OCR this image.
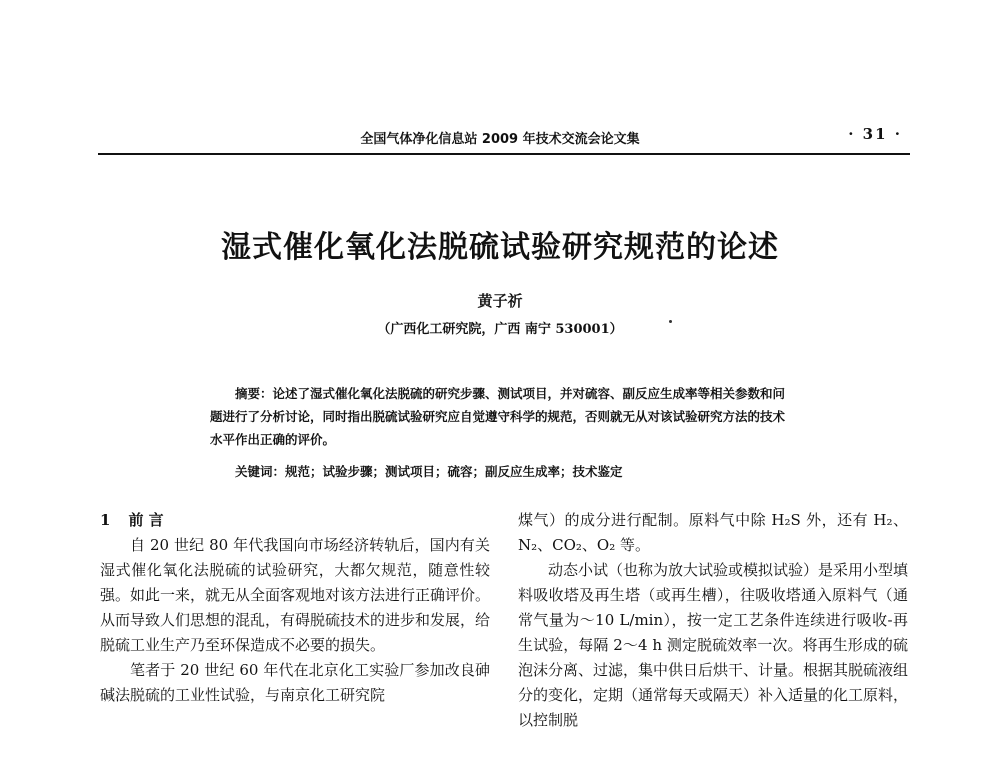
全国气体净化信息站 2009 年技术交流会论文集	· 31 ·
湿式催化氧化法脱硫试验研究规范的论述
黄子祈
（广西化工研究院，广西 南宁 530001）
摘要：论述了湿式催化氧化法脱硫的研究步骤、测试项目，并对硫容、副反应生成率等相关参数和问题进行了分析讨论，同时指出脱硫试验研究应自觉遵守科学的规范，否则就无从对该试验研究方法的技术水平作出正确的评价。
关键词：规范；试验步骤；测试项目；硫容；副反应生成率；技术鉴定
1 前 言
自 20 世纪 80 年代我国向市场经济转轨后，国内有关湿式催化氧化法脱硫的试验研究，大都欠规范，随意性较强。如此一来，就无从全面客观地对该方法进行正确评价。从而导致人们思想的混乱，有碍脱硫技术的进步和发展，给脱硫工业生产乃至环保造成不必要的损失。
笔者于 20 世纪 60 年代在北京化工实验厂参加改良砷碱法脱硫的工业性试验，与南京化工研究院
煤气）的成分进行配制。原料气中除 H₂S 外，还有 H₂、N₂、CO₂、O₂ 等。
动态小试（也称为放大试验或模拟试验）是采用小型填料吸收塔及再生塔（或再生槽），往吸收塔通入原料气（通常气量为～10 L/min），按一定工艺条件连续进行吸收-再生试验，每隔 2～4 h 测定脱硫效率一次。将再生形成的硫泡沫分离、过滤，集中供日后烘干、计量。根据其脱硫液组分的变化，定期（通常每天或隔天）补入适量的化工原料，以控制脱
